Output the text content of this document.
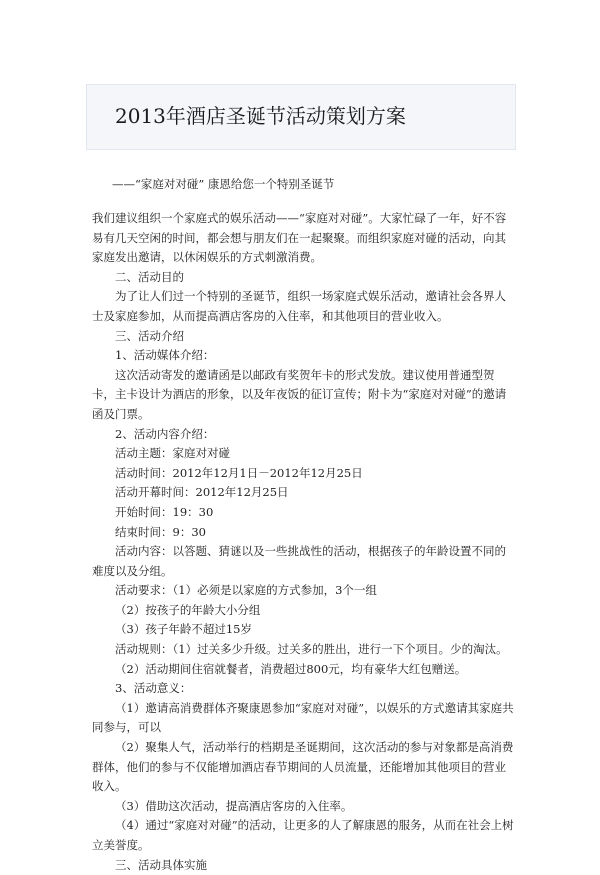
2013年酒店圣诞节活动策划方案

——“家庭对对碰” 康恩给您一个特别圣诞节

我们建议组织一个家庭式的娱乐活动——“家庭对对碰”。大家忙碌了一年，好不容易有几天空闲的时间，都会想与朋友们在一起聚聚。而组织家庭对碰的活动，向其家庭发出邀请，以休闲娱乐的方式刺激消费。

二、活动目的

为了让人们过一个特别的圣诞节，组织一场家庭式娱乐活动，邀请社会各界人士及家庭参加，从而提高酒店客房的入住率，和其他项目的营业收入。

三、活动介绍

1、活动媒体介绍：

这次活动寄发的邀请函是以邮政有奖贺年卡的形式发放。建议使用普通型贺卡，主卡设计为酒店的形象，以及年夜饭的征订宣传；附卡为“家庭对对碰”的邀请函及门票。

2、活动内容介绍：

活动主题：家庭对对碰

活动时间：2012年12月1日－2012年12月25日

活动开幕时间：2012年12月25日

开始时间：19：30

结束时间：9：30

活动内容：以答题、猜谜以及一些挑战性的活动，根据孩子的年龄设置不同的难度以及分组。

活动要求：（1）必须是以家庭的方式参加，3个一组

（2）按孩子的年龄大小分组

（3）孩子年龄不超过15岁

活动规则：（1）过关多少升级。过关多的胜出，进行一下个项目。少的淘汰。

（2）活动期间住宿就餐者，消费超过800元，均有豪华大红包赠送。

3、活动意义：

（1）邀请高消费群体齐聚康恩参加“家庭对对碰”，以娱乐的方式邀请其家庭共同参与，可以

（2）聚集人气，活动举行的档期是圣诞期间，这次活动的参与对象都是高消费群体，他们的参与不仅能增加酒店春节期间的人员流量，还能增加其他项目的营业收入。

（3）借助这次活动，提高酒店客房的入住率。

（4）通过“家庭对对碰”的活动，让更多的人了解康恩的服务，从而在社会上树立美誉度。

三、活动具体实施
